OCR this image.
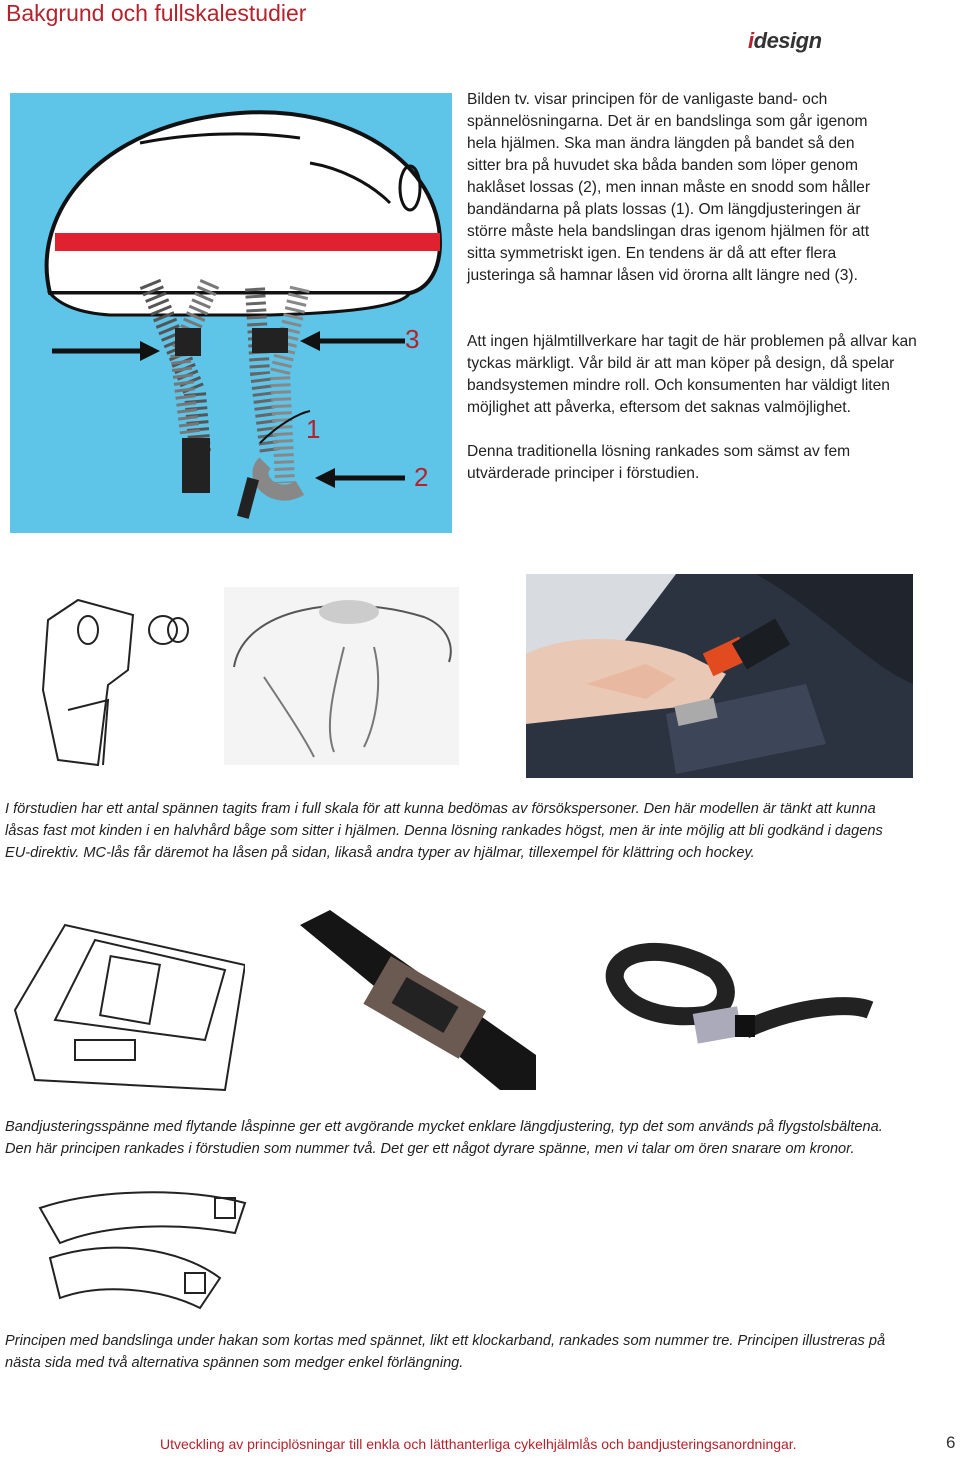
Bakgrund och fullskalestudier
idesign
3
1
2
Bilden tv. visar principen för de vanligaste band- och spännelösningarna. Det är en bandslinga som går igenom hela hjälmen. Ska man ändra längden på bandet så den sitter bra på huvudet ska båda banden som löper genom haklåset lossas (2), men innan måste en snodd som håller bandändarna på plats lossas (1). Om längdjusteringen är större måste hela bandslingan dras igenom hjälmen för att sitta symmetriskt igen. En tendens är då att efter flera justeringa så hamnar låsen vid örorna allt längre ned (3).
Att ingen hjälmtillverkare har tagit de här problemen på allvar kan tyckas märkligt. Vår bild är att man köper på design, då spelar bandsystemen mindre roll. Och konsumenten har väldigt liten möjlighet att påverka, eftersom det saknas valmöjlighet.
Denna traditionella lösning rankades som sämst av fem utvärderade principer i förstudien.
I förstudien har ett antal spännen tagits fram i full skala för att kunna bedömas av försökspersoner. Den här modellen är tänkt att kunna låsas fast mot kinden i en halvhård båge som sitter i hjälmen. Denna lösning rankades högst, men är inte möjlig att bli godkänd i dagens EU-direktiv. MC-lås får däremot ha låsen på sidan, likaså andra typer av hjälmar, tillexempel för klättring och hockey.
Bandjusteringsspänne med flytande låspinne ger ett avgörande mycket enklare längdjustering, typ det som används på flygstolsbältena. Den här principen rankades i förstudien som nummer två. Det ger ett något dyrare spänne, men vi talar om ören snarare om kronor.
Principen med bandslinga under hakan som kortas med spännet, likt ett klockarband, rankades som nummer tre. Principen illustreras på nästa sida med två alternativa spännen som medger enkel förlängning.
Utveckling av principlösningar till enkla och lätthanterliga cykelhjälmlås och bandjusteringsanordningar.	6
